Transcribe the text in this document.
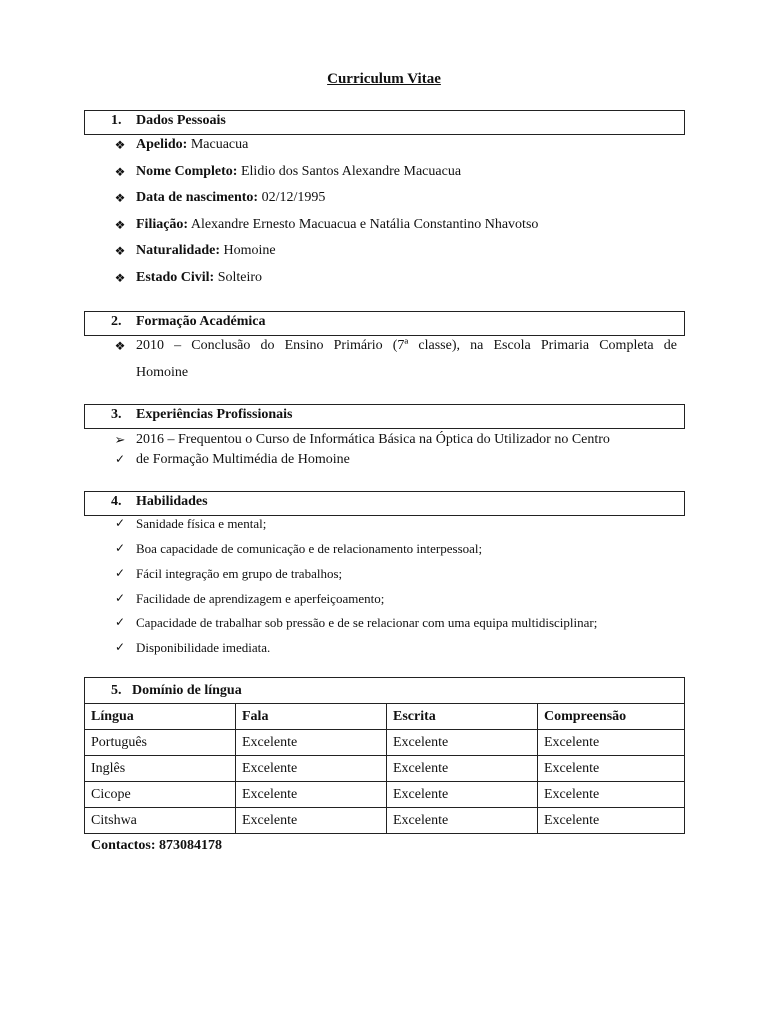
Curriculum Vitae
1. Dados Pessoais
❖ Apelido: Macuacua
❖ Nome Completo: Elidio dos Santos Alexandre Macuacua
❖ Data de nascimento: 02/12/1995
❖ Filiação: Alexandre Ernesto Macuacua e Natália Constantino Nhavotso
❖ Naturalidade: Homoine
❖ Estado Civil: Solteiro
2. Formação Académica
❖ 2010 – Conclusão do Ensino Primário (7ª classe), na Escola Primaria Completa de
Homoine
3. Experiências Profissionais
➢ 2016 – Frequentou o Curso de Informática Básica na Óptica do Utilizador no Centro
✓ de Formação Multimédia de Homoine
4. Habilidades
✓ Sanidade física e mental;
✓ Boa capacidade de comunicação e de relacionamento interpessoal;
✓ Fácil integração em grupo de trabalhos;
✓ Facilidade de aprendizagem e aperfeiçoamento;
✓ Capacidade de trabalhar sob pressão e de se relacionar com uma equipa multidisciplinar;
✓ Disponibilidade imediata.
5. Domínio de língua			
Língua	Fala	Escrita	Compreensão
Português	Excelente	Excelente	Excelente
Inglês	Excelente	Excelente	Excelente
Cicope	Excelente	Excelente	Excelente
Citshwa	Excelente	Excelente	Excelente
Contactos: 873084178
